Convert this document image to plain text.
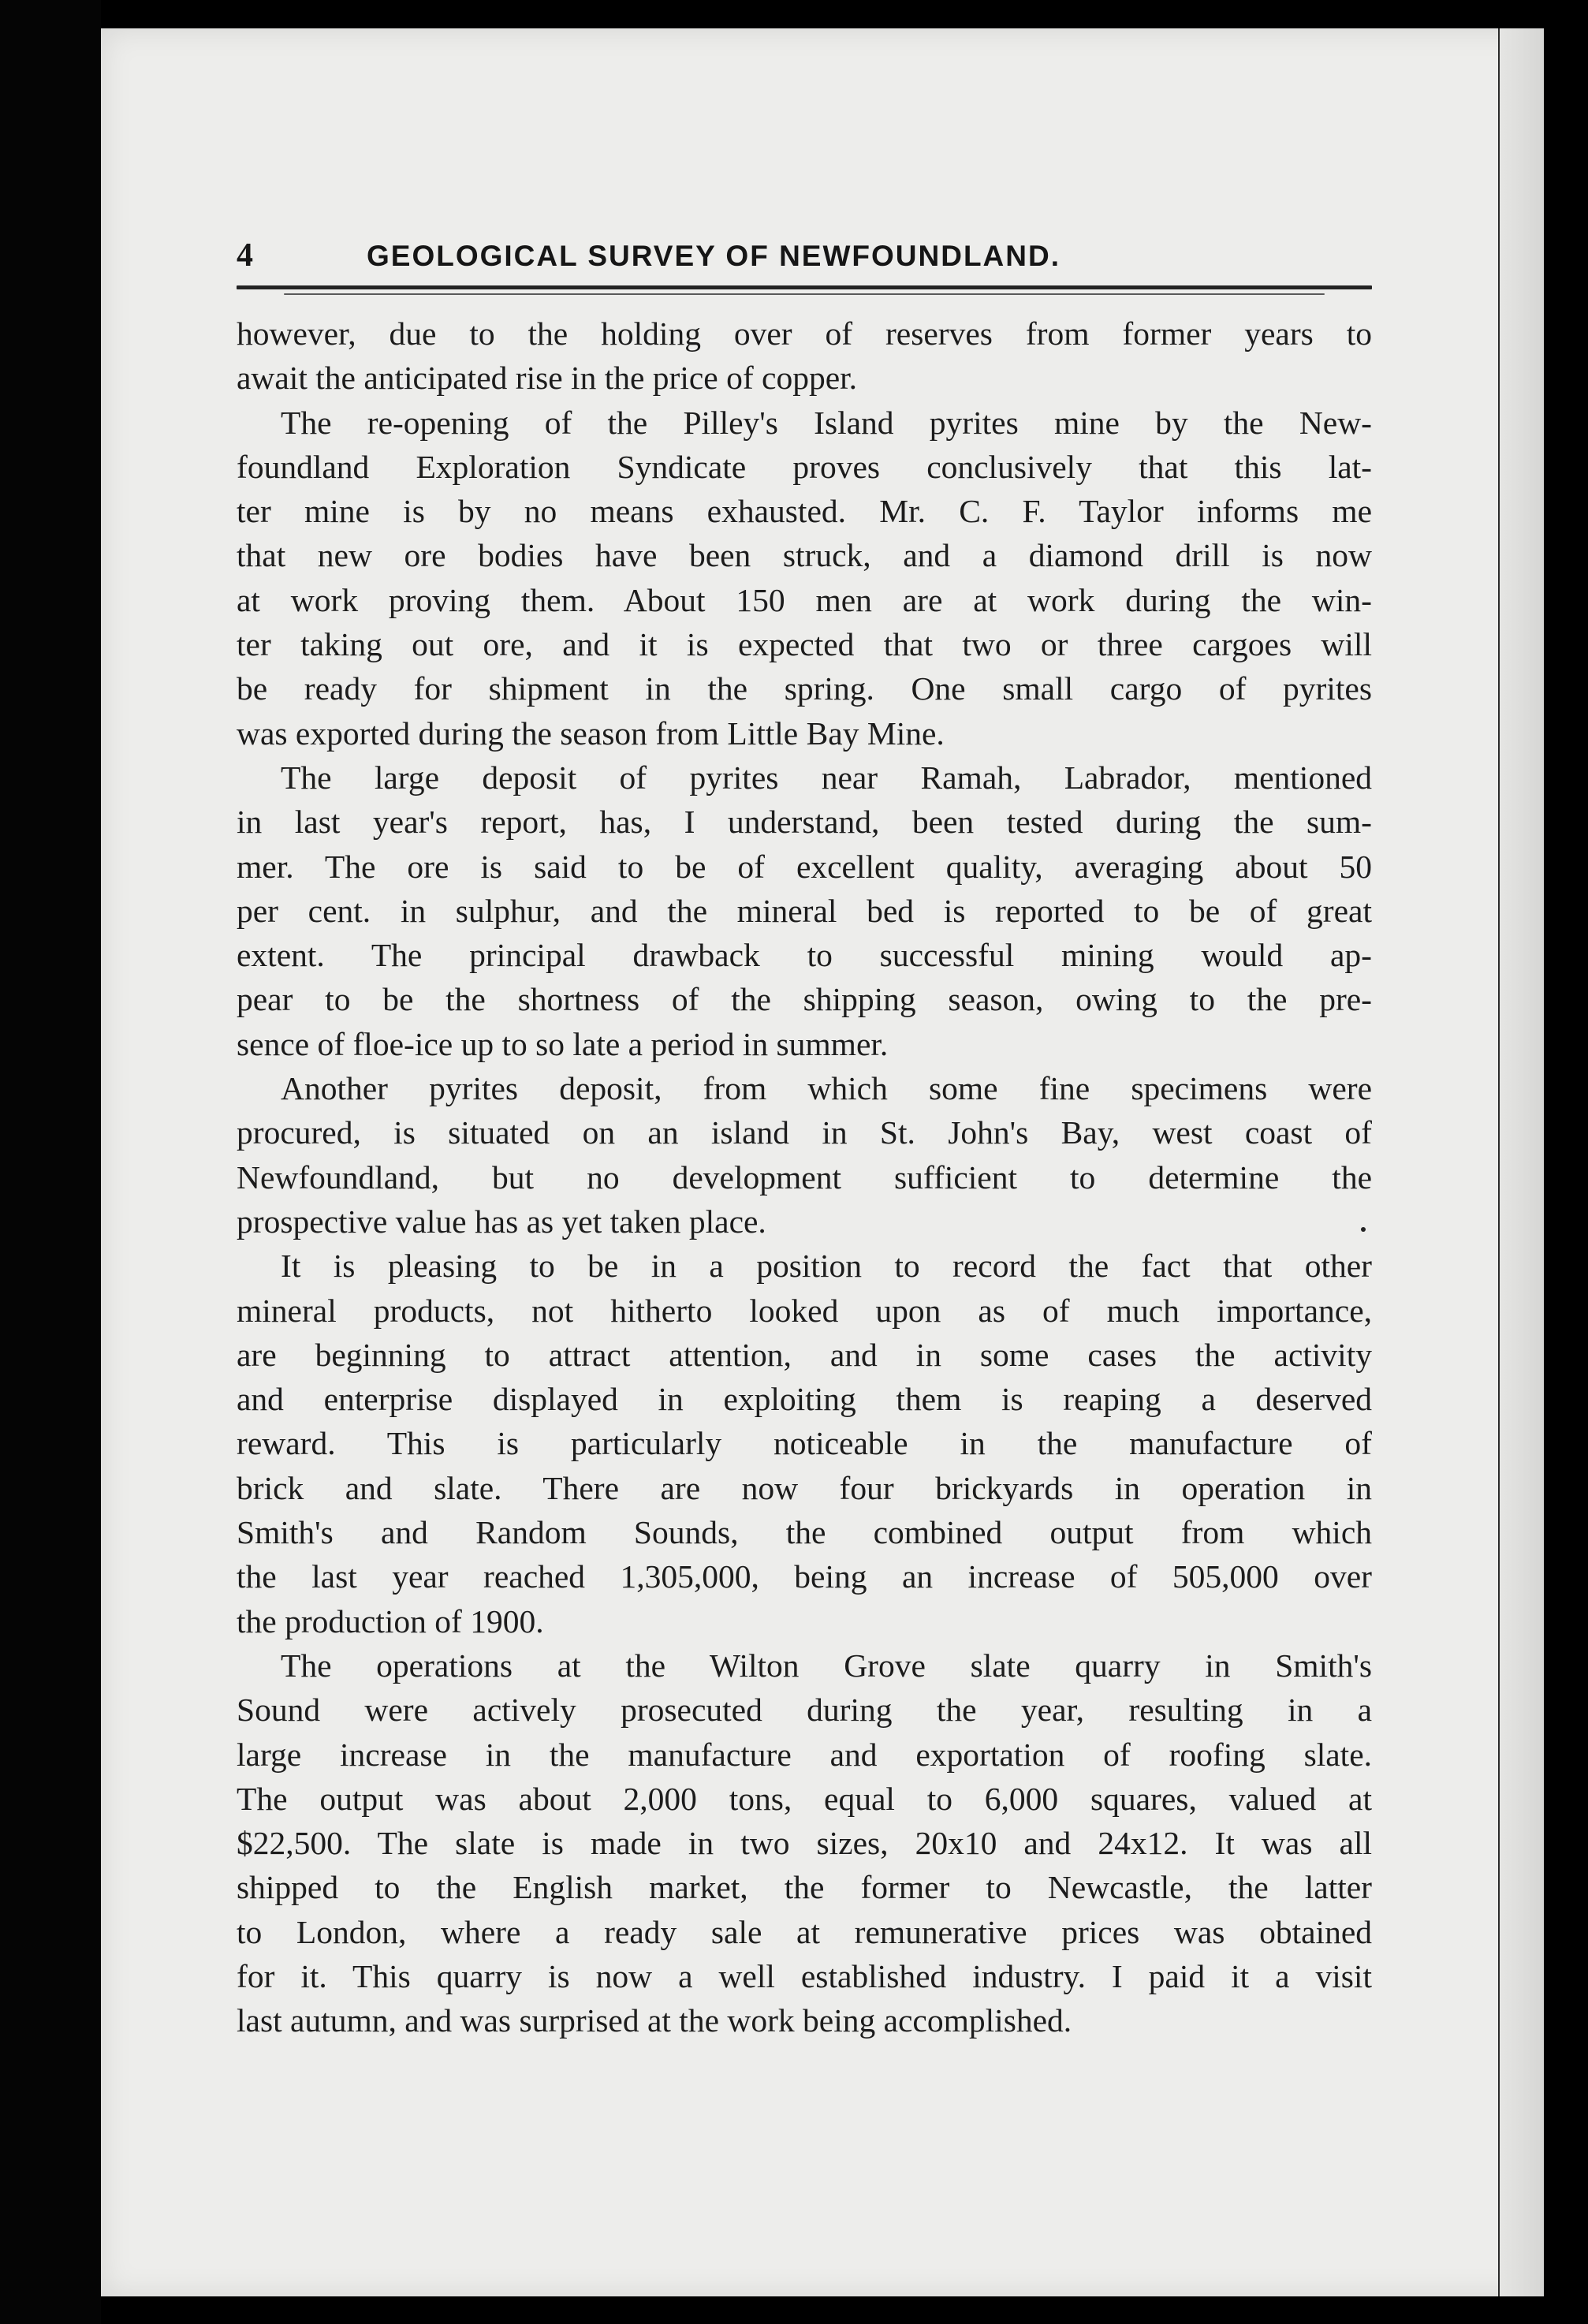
4	GEOLOGICAL SURVEY OF NEWFOUNDLAND.
however, due to the holding over of reserves from former years to
await the anticipated rise in the price of copper.
The re-opening of the Pilley's Island pyrites mine by the New-
foundland Exploration Syndicate proves conclusively that this lat-
ter mine is by no means exhausted. Mr. C. F. Taylor informs me
that new ore bodies have been struck, and a diamond drill is now
at work proving them. About 150 men are at work during the win-
ter taking out ore, and it is expected that two or three cargoes will
be ready for shipment in the spring. One small cargo of pyrites
was exported during the season from Little Bay Mine.
The large deposit of pyrites near Ramah, Labrador, mentioned
in last year's report, has, I understand, been tested during the sum-
mer. The ore is said to be of excellent quality, averaging about 50
per cent. in sulphur, and the mineral bed is reported to be of great
extent. The principal drawback to successful mining would ap-
pear to be the shortness of the shipping season, owing to the pre-
sence of floe-ice up to so late a period in summer.
Another pyrites deposit, from which some fine specimens were
procured, is situated on an island in St. John's Bay, west coast of
Newfoundland, but no development sufficient to determine the
prospective value has as yet taken place.
It is pleasing to be in a position to record the fact that other
mineral products, not hitherto looked upon as of much importance,
are beginning to attract attention, and in some cases the activity
and enterprise displayed in exploiting them is reaping a deserved
reward. This is particularly noticeable in the manufacture of
brick and slate. There are now four brickyards in operation in
Smith's and Random Sounds, the combined output from which
the last year reached 1,305,000, being an increase of 505,000 over
the production of 1900.
The operations at the Wilton Grove slate quarry in Smith's
Sound were actively prosecuted during the year, resulting in a
large increase in the manufacture and exportation of roofing slate.
The output was about 2,000 tons, equal to 6,000 squares, valued at
$22,500. The slate is made in two sizes, 20x10 and 24x12. It was all
shipped to the English market, the former to Newcastle, the latter
to London, where a ready sale at remunerative prices was obtained
for it. This quarry is now a well established industry. I paid it a visit
last autumn, and was surprised at the work being accomplished.
